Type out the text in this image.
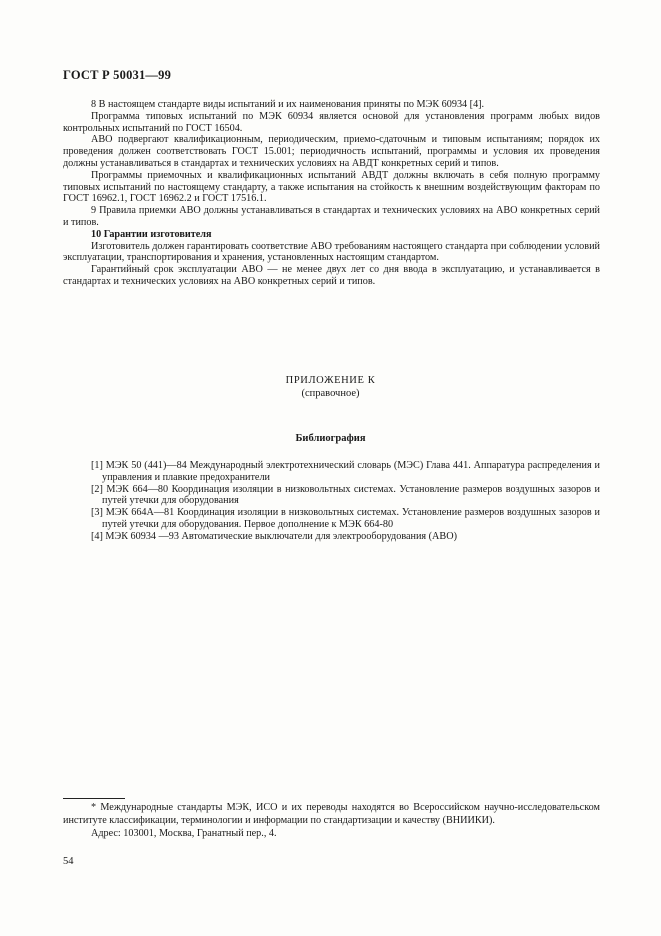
ГОСТ Р 50031—99

8 В настоящем стандарте виды испытаний и их наименования приняты по МЭК 60934 [4].

Программа типовых испытаний по МЭК 60934 является основой для установления программ любых видов контрольных испытаний по ГОСТ 16504.

АВО подвергают квалификационным, периодическим, приемо-сдаточным и типовым испытаниям; порядок их проведения должен соответствовать ГОСТ 15.001; периодичность испытаний, программы и условия их проведения должны устанавливаться в стандартах и технических условиях на АВДТ конкретных серий и типов.

Программы приемочных и квалификационных испытаний АВДТ должны включать в себя полную программу типовых испытаний по настоящему стандарту, а также испытания на стойкость к внешним воздействующим факторам по ГОСТ 16962.1, ГОСТ 16962.2 и ГОСТ 17516.1.

9 Правила приемки АВО должны устанавливаться в стандартах и технических условиях на АВО конкретных серий и типов.

10 Гарантии изготовителя

Изготовитель должен гарантировать соответствие АВО требованиям настоящего стандарта при соблюдении условий эксплуатации, транспортирования и хранения, установленных настоящим стандартом.

Гарантийный срок эксплуатации АВО — не менее двух лет со дня ввода в эксплуатацию, и устанавливается в стандартах и технических условиях на АВО конкретных серий и типов.

ПРИЛОЖЕНИЕ К
(справочное)
Библиография
[1] МЭК 50 (441)—84 Международный электротехнический словарь (МЭС) Глава 441. Аппаратура распределения и управления и плавкие предохранители
[2] МЭК 664—80 Координация изоляции в низковольтных системах. Установление размеров воздушных зазоров и путей утечки для оборудования
[3] МЭК 664А—81 Координация изоляции в низковольтных системах. Установление размеров воздушных зазоров и путей утечки для оборудования. Первое дополнение к МЭК 664-80
[4] МЭК 60934 —93 Автоматические выключатели для электрооборудования (АВО)

* Международные стандарты МЭК, ИСО и их переводы находятся во Всероссийском научно-исследовательском институте классификации, терминологии и информации по стандартизации и качеству (ВНИИКИ).

Адрес: 103001, Москва, Гранатный пер., 4.

54
